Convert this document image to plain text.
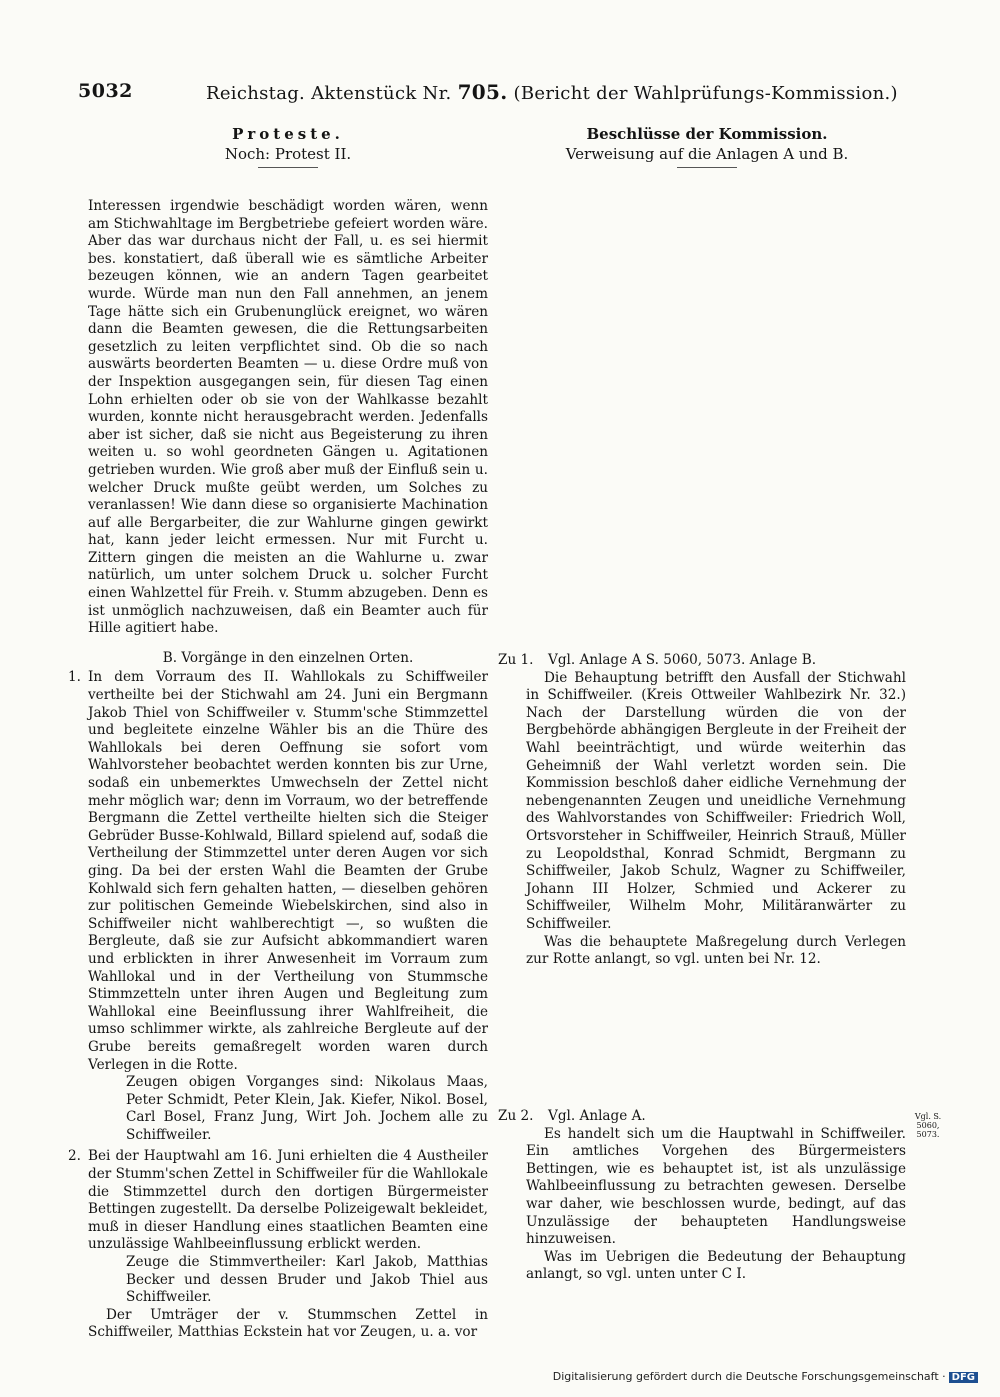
5032	Reichstag. Aktenstück Nr. 705. (Bericht der Wahlprüfungs-Kommission.)
Proteste.
Noch: Protest II.

Interessen irgendwie beschädigt worden wären, wenn am Stichwahltage im Bergbetriebe gefeiert worden wäre. Aber das war durchaus nicht der Fall, u. es sei hiermit bes. konstatiert, daß überall wie es sämtliche Arbeiter bezeugen können, wie an andern Tagen gearbeitet wurde. Würde man nun den Fall annehmen, an jenem Tage hätte sich ein Grubenunglück ereignet, wo wären dann die Beamten gewesen, die die Rettungsarbeiten gesetzlich zu leiten verpflichtet sind. Ob die so nach auswärts beorderten Beamten — u. diese Ordre muß von der Inspektion ausgegangen sein, für diesen Tag einen Lohn erhielten oder ob sie von der Wahlkasse bezahlt wurden, konnte nicht herausgebracht werden. Jedenfalls aber ist sicher, daß sie nicht aus Begeisterung zu ihren weiten u. so wohl geordneten Gängen u. Agitationen getrieben wurden. Wie groß aber muß der Einfluß sein u. welcher Druck mußte geübt werden, um Solches zu veranlassen! Wie dann diese so organisierte Machination auf alle Bergarbeiter, die zur Wahlurne gingen gewirkt hat, kann jeder leicht ermessen. Nur mit Furcht u. Zittern gingen die meisten an die Wahlurne u. zwar natürlich, um unter solchem Druck u. solcher Furcht einen Wahlzettel für Freih. v. Stumm abzugeben. Denn es ist unmöglich nachzuweisen, daß ein Beamter auch für Hille agitiert habe.

B. Vorgänge in den einzelnen Orten.
1. In dem Vorraum des II. Wahllokals zu Schiffweiler vertheilte bei der Stichwahl am 24. Juni ein Bergmann Jakob Thiel von Schiffweiler v. Stumm'sche Stimmzettel und begleitete einzelne Wähler bis an die Thüre des Wahllokals bei deren Oeffnung sie sofort vom Wahlvorsteher beobachtet werden konnten bis zur Urne, sodaß ein unbemerktes Umwechseln der Zettel nicht mehr möglich war; denn im Vorraum, wo der betreffende Bergmann die Zettel vertheilte hielten sich die Steiger Gebrüder Busse-Kohlwald, Billard spielend auf, sodaß die Vertheilung der Stimmzettel unter deren Augen vor sich ging. Da bei der ersten Wahl die Beamten der Grube Kohlwald sich fern gehalten hatten, — dieselben gehören zur politischen Gemeinde Wiebelskirchen, sind also in Schiffweiler nicht wahlberechtigt —, so wußten die Bergleute, daß sie zur Aufsicht abkommandiert waren und erblickten in ihrer Anwesenheit im Vorraum zum Wahllokal und in der Vertheilung von Stummsche Stimmzetteln unter ihren Augen und Begleitung zum Wahllokal eine Beeinflussung ihrer Wahlfreiheit, die umso schlimmer wirkte, als zahlreiche Bergleute auf der Grube bereits gemaßregelt worden waren durch Verlegen in die Rotte.

Zeugen obigen Vorganges sind: Nikolaus Maas, Peter Schmidt, Peter Klein, Jak. Kiefer, Nikol. Bosel, Carl Bosel, Franz Jung, Wirt Joh. Jochem alle zu Schiffweiler.

2. Bei der Hauptwahl am 16. Juni erhielten die 4 Austheiler der Stumm'schen Zettel in Schiffweiler für die Wahllokale die Stimmzettel durch den dortigen Bürgermeister Bettingen zugestellt. Da derselbe Polizeigewalt bekleidet, muß in dieser Handlung eines staatlichen Beamten eine unzulässige Wahlbeeinflussung erblickt werden.

Zeuge die Stimmvertheiler: Karl Jakob, Matthias Becker und dessen Bruder und Jakob Thiel aus Schiffweiler.

Der Umträger der v. Stummschen Zettel in Schiffweiler, Matthias Eckstein hat vor Zeugen, u. a. vor

Beschlüsse der Kommission.
Verweisung auf die Anlagen A und B.
Zu 1.	Vgl. Anlage A S. 5060, 5073. Anlage B.

Die Behauptung betrifft den Ausfall der Stichwahl in Schiffweiler. (Kreis Ottweiler Wahlbezirk Nr. 32.) Nach der Darstellung würden die von der Bergbehörde abhängigen Bergleute in der Freiheit der Wahl beeinträchtigt, und würde weiterhin das Geheimniß der Wahl verletzt worden sein. Die Kommission beschloß daher eidliche Vernehmung der nebengenannten Zeugen und uneidliche Vernehmung des Wahlvorstandes von Schiffweiler: Friedrich Woll, Ortsvorsteher in Schiffweiler, Heinrich Strauß, Müller zu Leopoldsthal, Konrad Schmidt, Bergmann zu Schiffweiler, Jakob Schulz, Wagner zu Schiffweiler, Johann III Holzer, Schmied und Ackerer zu Schiffweiler, Wilhelm Mohr, Militäranwärter zu Schiffweiler.

Was die behauptete Maßregelung durch Verlegen zur Rotte anlangt, so vgl. unten bei Nr. 12.

Zu 2.	Vgl. Anlage A.

Es handelt sich um die Hauptwahl in Schiffweiler. Ein amtliches Vorgehen des Bürgermeisters Bettingen, wie es behauptet ist, ist als unzulässige Wahlbeeinflussung zu betrachten gewesen. Derselbe war daher, wie beschlossen wurde, bedingt, auf das Unzulässige der behaupteten Handlungsweise hinzuweisen.

Was im Uebrigen die Bedeutung der Behauptung anlangt, so vgl. unten unter C I.

Vgl. S. 5060, 5073.
Digitalisierung gefördert durch die Deutsche Forschungsgemeinschaft · DFG
